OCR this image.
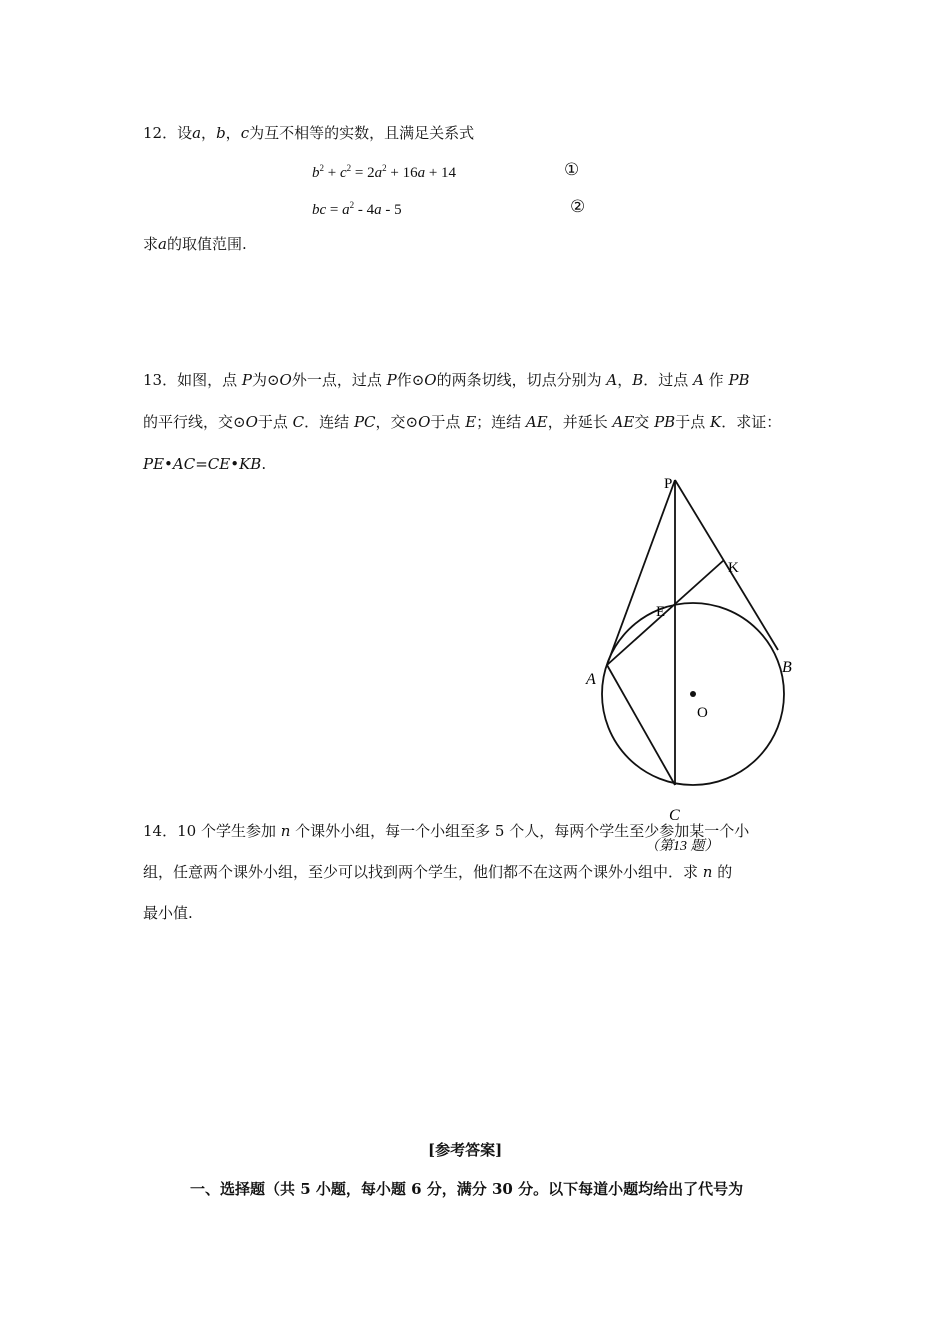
12．设a，b，c为互不相等的实数，且满足关系式
$b^2 + c^2 = 2a^2 + 16a + 14$	①
bc = $a^2 - 4a - 5$	②
求a的取值范围.
13．如图，点 P为⊙O外一点，过点 P作⊙O的两条切线，切点分别为 A，B．过点 A 作 PB
的平行线，交⊙O于点 C．连结 PC，交⊙O于点 E；连结 AE，并延长 AE交 PB于点 K．求证：
PE•AC=CE•KB.
P
K
E
A
B
O
C
（第13 题）
14．10 个学生参加 n 个课外小组，每一个小组至多 5 个人，每两个学生至少参加某一个小
组，任意两个课外小组，至少可以找到两个学生，他们都不在这两个课外小组中．求 n 的
最小值.
[参考答案]
一、选择题（共 5 小题，每小题 6 分，满分 30 分。以下每道小题均给出了代号为
